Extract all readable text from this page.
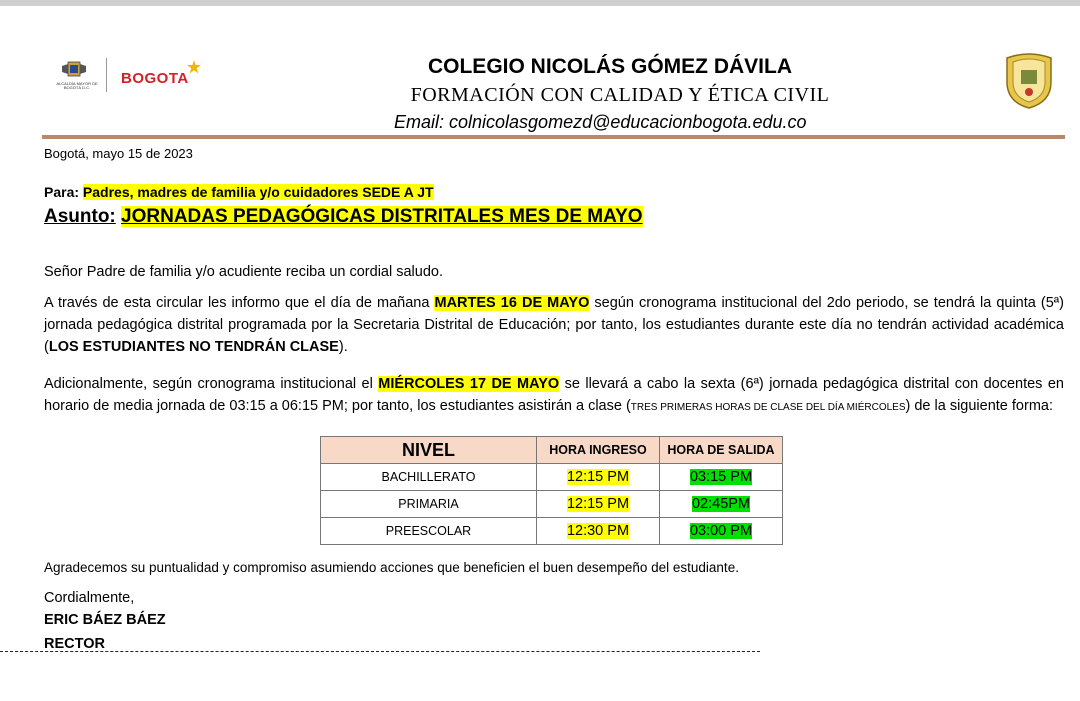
ALCALDÍA MAYOR DE BOGOTÁ D.C.
BOGOTA
COLEGIO NICOLÁS GÓMEZ DÁVILA
FORMACIÓN CON CALIDAD Y ÉTICA CIVIL
Email: colnicolasgomezd@educacionbogota.edu.co
Bogotá, mayo 15 de 2023
Para: Padres, madres de familia y/o cuidadores SEDE A JT
Asunto: JORNADAS PEDAGÓGICAS DISTRITALES MES DE MAYO
Señor Padre de familia y/o acudiente reciba un cordial saludo.
A través de esta circular les informo que el día de mañana MARTES 16 DE MAYO según cronograma institucional del 2do periodo, se tendrá la quinta (5ª) jornada pedagógica distrital programada por la Secretaria Distrital de Educación; por tanto, los estudiantes durante este día no tendrán actividad académica (LOS ESTUDIANTES NO TENDRÁN CLASE).
Adicionalmente, según cronograma institucional el MIÉRCOLES 17 DE MAYO se llevará a cabo la sexta (6ª) jornada pedagógica distrital con docentes en horario de media jornada de 03:15 a 06:15 PM; por tanto, los estudiantes asistirán a clase (TRES PRIMERAS HORAS DE CLASE DEL DÍA MIÉRCOLES) de la siguiente forma:
NIVEL	HORA INGRESO	HORA DE SALIDA
BACHILLERATO	12:15 PM	03:15 PM
PRIMARIA	12:15 PM	02:45PM
PREESCOLAR	12:30 PM	03:00 PM
Agradecemos su puntualidad y compromiso asumiendo acciones que beneficien el buen desempeño del estudiante.
Cordialmente,
ERIC BÁEZ BÁEZ
RECTOR
